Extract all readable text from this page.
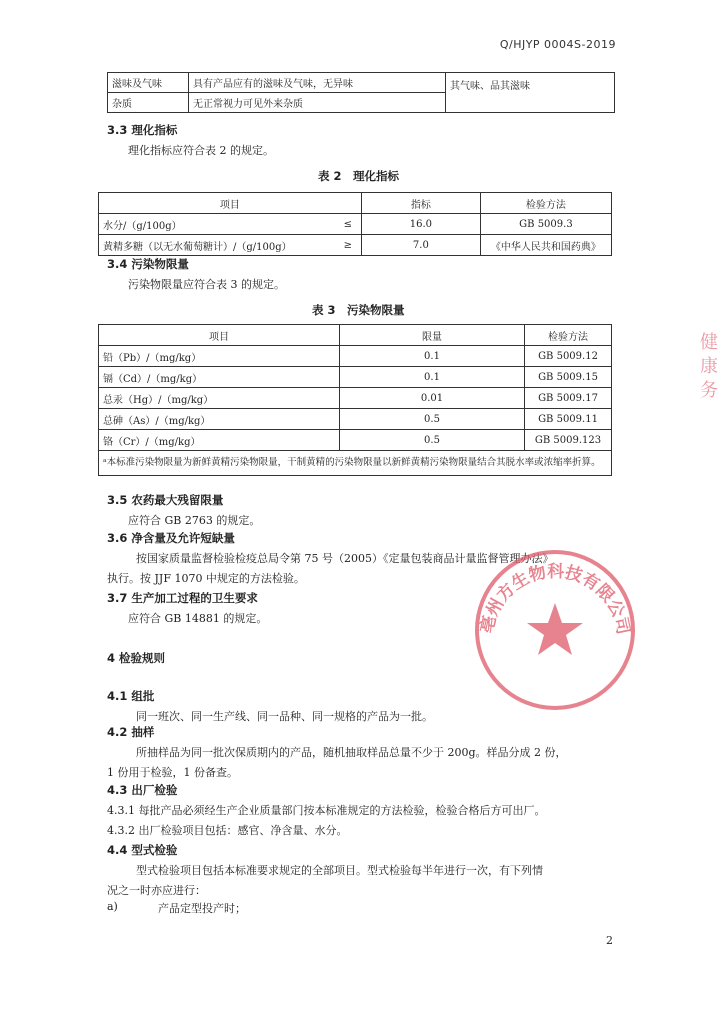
Q/HJYP 0004S-2019
滋味及气味	具有产品应有的滋味及气味，无异味	其气味、品其滋味
杂质	无正常视力可见外来杂质	
3.3 理化指标
理化指标应符合表 2 的规定。
表 2　理化指标
项目		指标	检验方法
水分/（g/100g）	≤	16.0	GB 5009.3
黄精多糖（以无水葡萄糖计）/（g/100g）	≥	7.0	《中华人民共和国药典》
3.4 污染物限量
污染物限量应符合表 3 的规定。
表 3　污染物限量
项目	限量	检验方法
铅（Pb）/（mg/kg）	0.1	GB 5009.12
镉（Cd）/（mg/kg）	0.1	GB 5009.15
总汞（Hg）/（mg/kg）	0.01	GB 5009.17
总砷（As）/（mg/kg）	0.5	GB 5009.11
铬（Cr）/（mg/kg）	0.5	GB 5009.123
ᵃ本标准污染物限量为新鲜黄精污染物限量，干制黄精的污染物限量以新鲜黄精污染物限量结合其脱水率或浓缩率折算。		
3.5 农药最大残留限量
应符合 GB 2763 的规定。
3.6 净含量及允许短缺量
按国家质量监督检验检疫总局令第 75 号（2005）《定量包装商品计量监督管理办法》
执行。按 JJF 1070 中规定的方法检验。
3.7 生产加工过程的卫生要求
应符合 GB 14881 的规定。
4 检验规则
4.1 组批
同一班次、同一生产线、同一品种、同一规格的产品为一批。
4.2 抽样
所抽样品为同一批次保质期内的产品，随机抽取样品总量不少于 200g。样品分成 2 份，
1 份用于检验，1 份备查。
4.3 出厂检验
4.3.1 每批产品必须经生产企业质量部门按本标准规定的方法检验，检验合格后方可出厂。
4.3.2 出厂检验项目包括：感官、净含量、水分。
4.4 型式检验
型式检验项目包括本标准要求规定的全部项目。型式检验每半年进行一次，有下列情
况之一时亦应进行：
a)	产品定型投产时；
2
亳州方生物科技有限公司
健
康
务
